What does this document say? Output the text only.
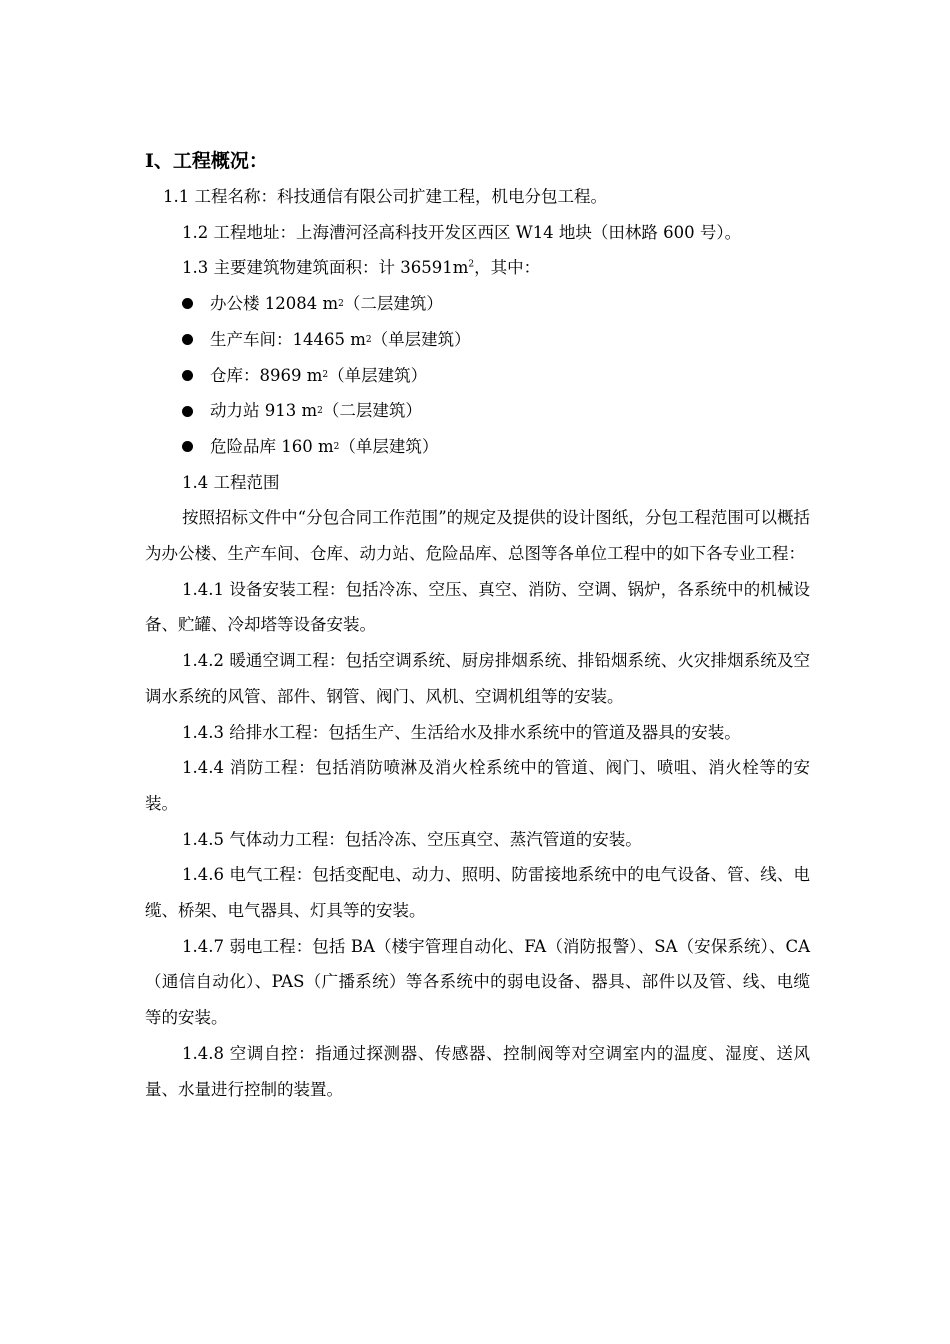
Ⅰ、工程概况：

1.1 工程名称：科技通信有限公司扩建工程，机电分包工程。

1.2 工程地址：上海漕河泾高科技开发区西区 W14 地块（田林路 600 号）。

1.3 主要建筑物建筑面积：计 $36591m^2$，其中：

办公楼 12084 m 2 （二层建筑）
生产车间：14465 m 2 （单层建筑）
仓库：8969 m 2 （单层建筑）
动力站 913 m 2 （二层建筑）
危险品库 160 m 2 （单层建筑）

1.4 工程范围

按照招标文件中“分包合同工作范围”的规定及提供的设计图纸，分包工程范围可以概括为办公楼、生产车间、仓库、动力站、危险品库、总图等各单位工程中的如下各专业工程：

1.4.1 设备安装工程：包括冷冻、空压、真空、消防、空调、锅炉，各系统中的机械设备、贮罐、冷却塔等设备安装。

1.4.2 暖通空调工程：包括空调系统、厨房排烟系统、排铅烟系统、火灾排烟系统及空调水系统的风管、部件、钢管、阀门、风机、空调机组等的安装。

1.4.3 给排水工程：包括生产、生活给水及排水系统中的管道及器具的安装。

1.4.4 消防工程：包括消防喷淋及消火栓系统中的管道、阀门、喷咀、消火栓等的安装。

1.4.5 气体动力工程：包括冷冻、空压真空、蒸汽管道的安装。

1.4.6 电气工程：包括变配电、动力、照明、防雷接地系统中的电气设备、管、线、电缆、桥架、电气器具、灯具等的安装。

1.4.7 弱电工程：包括 BA（楼宇管理自动化、FA（消防报警）、SA（安保系统）、CA（通信自动化）、PAS（广播系统）等各系统中的弱电设备、器具、部件以及管、线、电缆等的安装。

1.4.8 空调自控：指通过探测器、传感器、控制阀等对空调室内的温度、湿度、送风量、水量进行控制的装置。
